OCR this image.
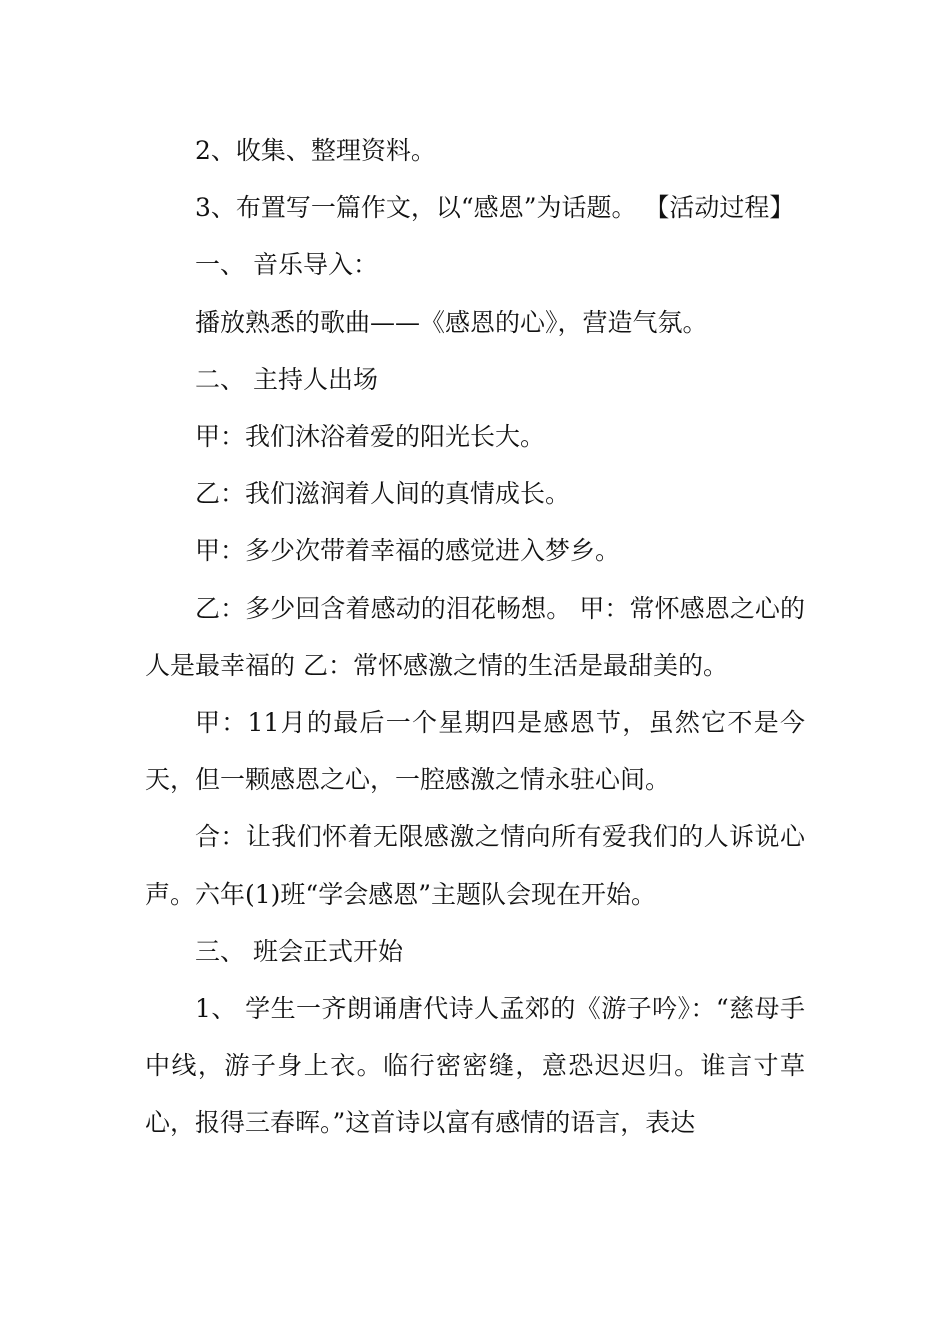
2、收集、整理资料。

3、布置写一篇作文，以“感恩”为话题。 【活动过程】

一、 音乐导入：

播放熟悉的歌曲——《感恩的心》，营造气氛。

二、 主持人出场

甲：我们沐浴着爱的阳光长大。

乙：我们滋润着人间的真情成长。

甲：多少次带着幸福的感觉进入梦乡。

乙：多少回含着感动的泪花畅想。 甲：常怀感恩之心的人是最幸福的 乙：常怀感激之情的生活是最甜美的。

甲：11月的最后一个星期四是感恩节，虽然它不是今天，但一颗感恩之心，一腔感激之情永驻心间。

合：让我们怀着无限感激之情向所有爱我们的人诉说心声。六年(1)班“学会感恩”主题队会现在开始。

三、 班会正式开始

1、 学生一齐朗诵唐代诗人孟郊的《游子吟》：“慈母手中线，游子身上衣。临行密密缝，意恐迟迟归。谁言寸草心，报得三春晖。”这首诗以富有感情的语言，表达
